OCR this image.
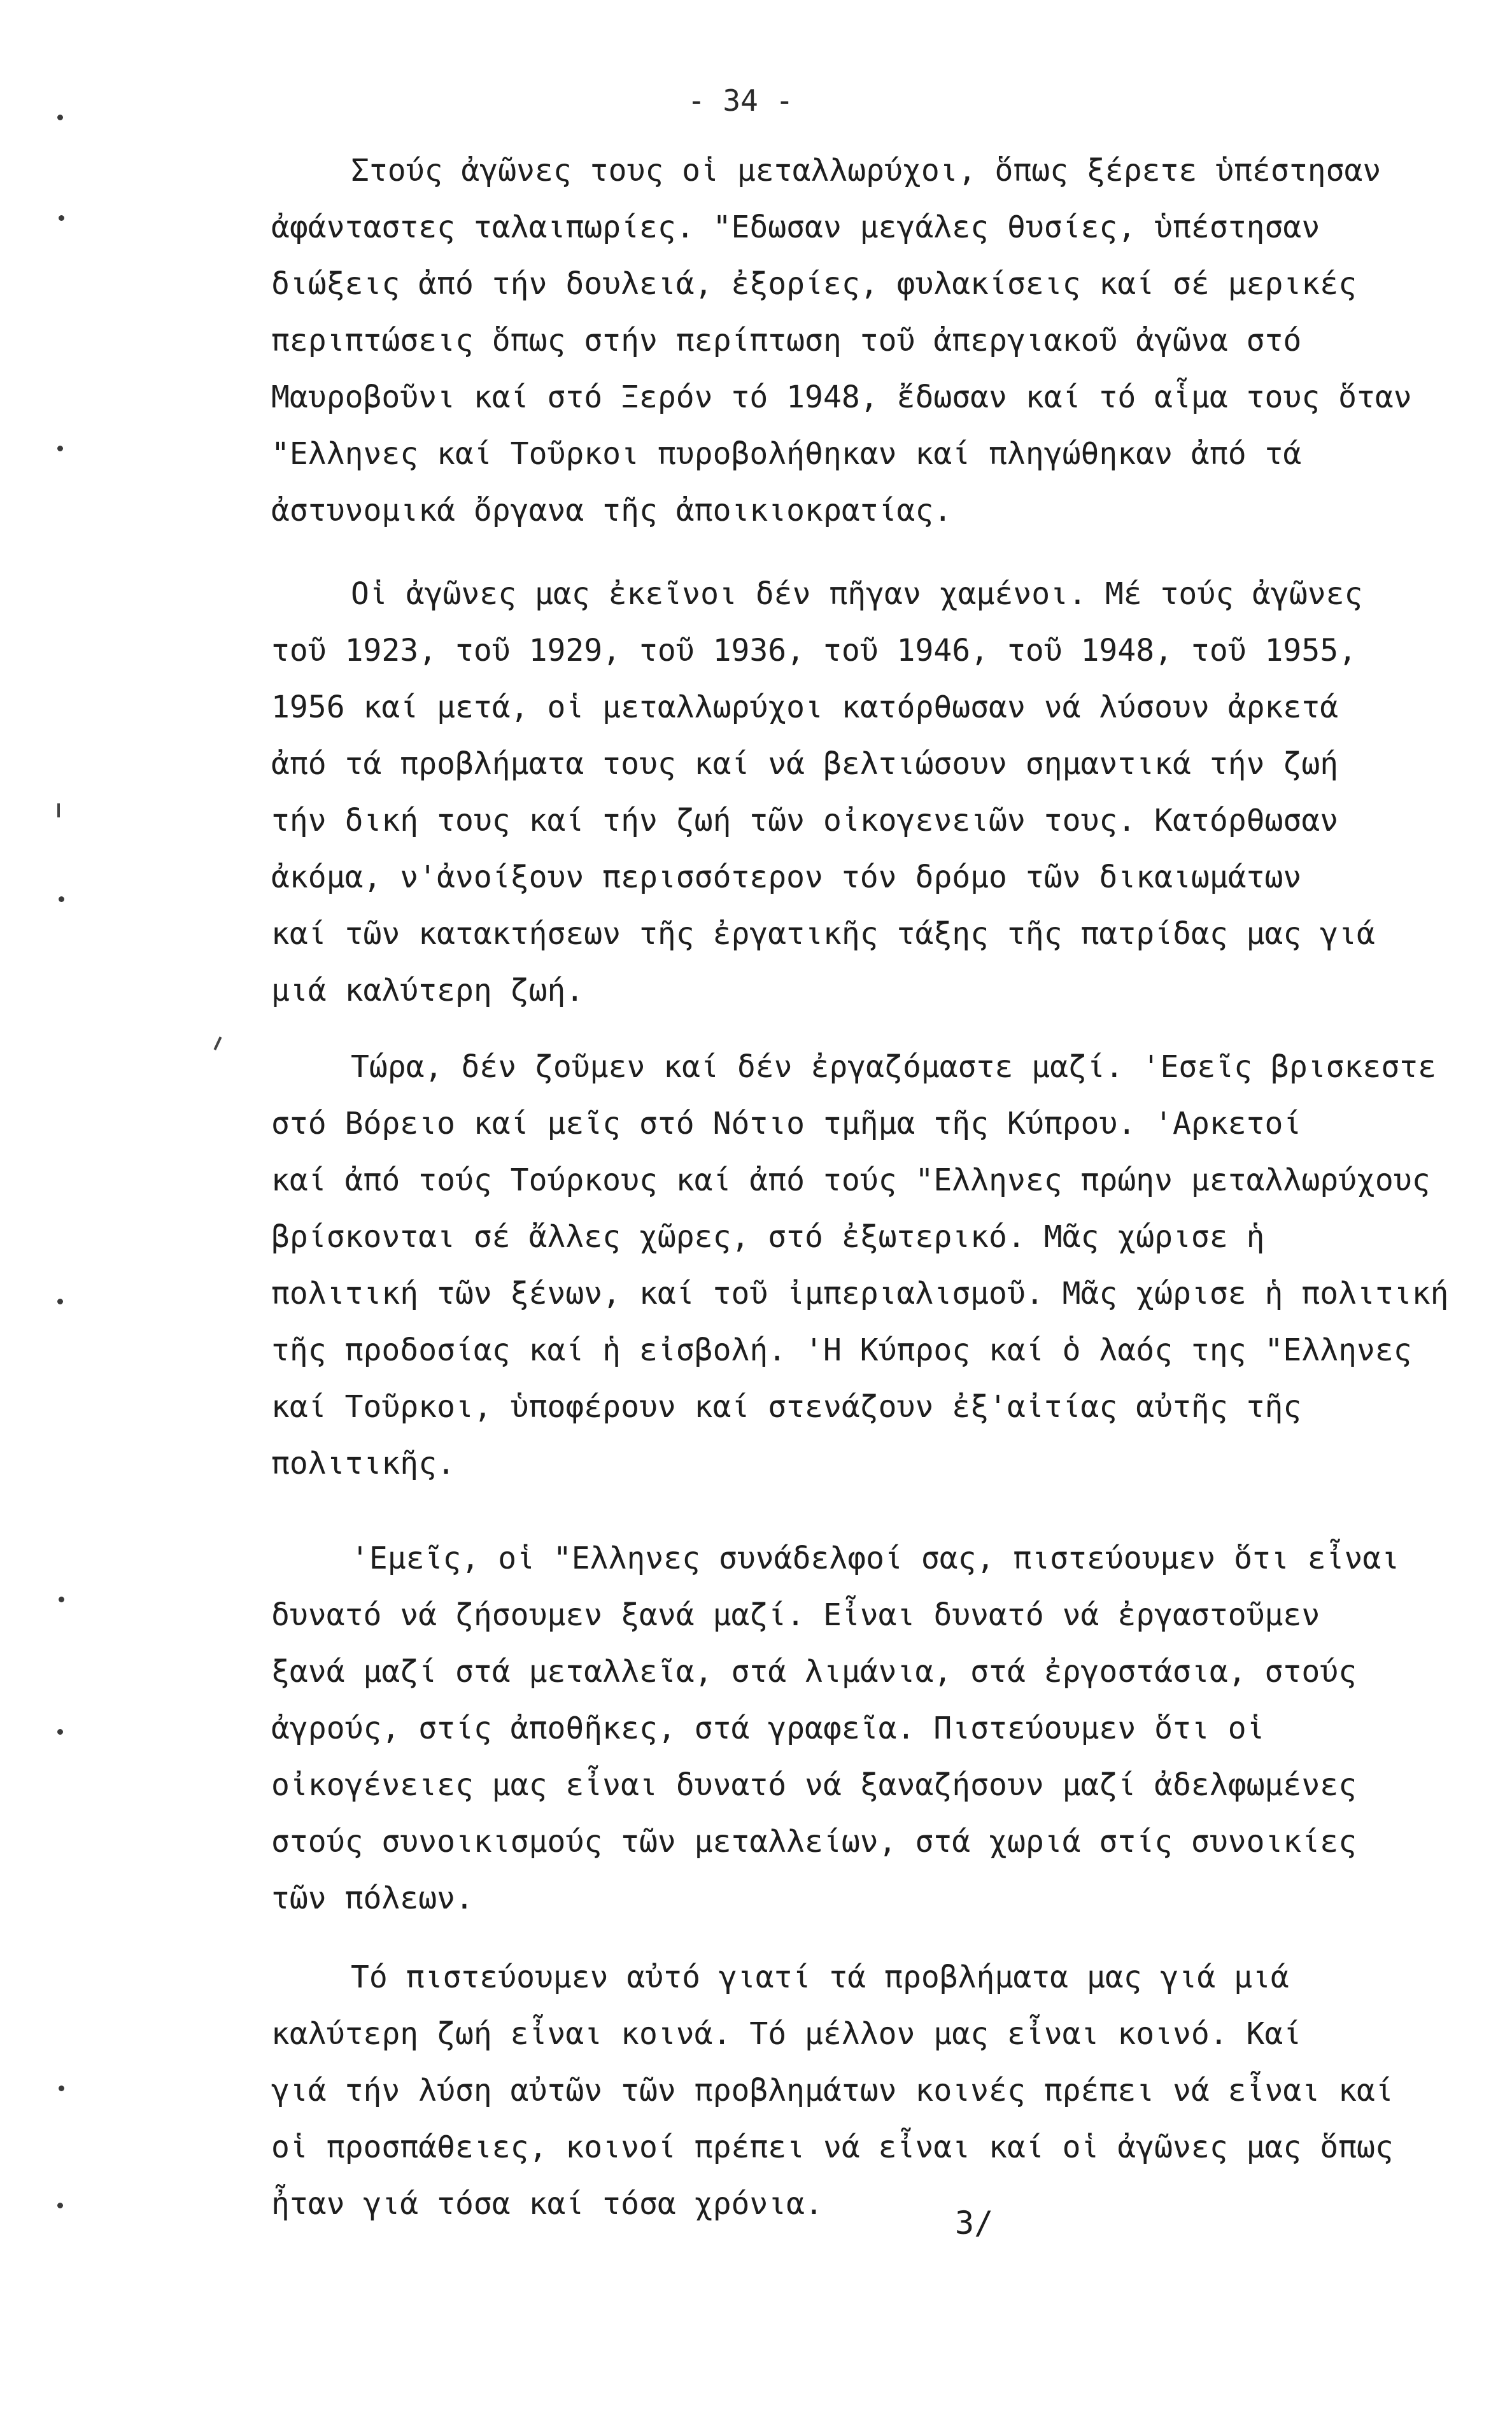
- 34 -
Στούς ἀγῶνες τους οἱ μεταλλωρύχοι, ὅπως ξέρετε ὑπέστησαν
ἀφάνταστες ταλαιπωρίες. "Εδωσαν μεγάλες θυσίες, ὑπέστησαν
διώξεις ἀπό τήν δουλειά, ἐξορίες, φυλακίσεις καί σέ μερικές
περιπτώσεις ὅπως στήν περίπτωση τοῦ ἀπεργιακοῦ ἀγῶνα στό
Μαυροβοῦνι καί στό Ξερόν τό 1948, ἔδωσαν καί τό αἷμα τους ὅταν
"Ελληνες καί Τοῦρκοι πυροβολήθηκαν καί πληγώθηκαν ἀπό τά
ἀστυνομικά ὄργανα τῆς ἀποικιοκρατίας.
Οἱ ἀγῶνες μας ἐκεῖνοι δέν πῆγαν χαμένοι. Μέ τούς ἀγῶνες
τοῦ 1923, τοῦ 1929, τοῦ 1936, τοῦ 1946, τοῦ 1948, τοῦ 1955,
1956 καί μετά, οἱ μεταλλωρύχοι κατόρθωσαν νά λύσουν ἀρκετά
ἀπό τά προβλήματα τους καί νά βελτιώσουν σημαντικά τήν ζωή
τήν δική τους καί τήν ζωή τῶν οἰκογενειῶν τους. Κατόρθωσαν
ἀκόμα, ν'ἀνοίξουν περισσότερον τόν δρόμο τῶν δικαιωμάτων
καί τῶν κατακτήσεων τῆς ἐργατικῆς τάξης τῆς πατρίδας μας γιά
μιά καλύτερη ζωή.
Τώρα, δέν ζοῦμεν καί δέν ἐργαζόμαστε μαζί. 'Εσεῖς βρισκεστε
στό Βόρειο καί μεῖς στό Νότιο τμῆμα τῆς Κύπρου. 'Αρκετοί
καί ἀπό τούς Τούρκους καί ἀπό τούς "Ελληνες πρώην μεταλλωρύχους
βρίσκονται σέ ἄλλες χῶρες, στό ἐξωτερικό. Μᾶς χώρισε ἡ
πολιτική τῶν ξένων, καί τοῦ ἰμπεριαλισμοῦ. Μᾶς χώρισε ἡ πολιτική
τῆς προδοσίας καί ἡ εἰσβολή. 'Η Κύπρος καί ὁ λαός της "Ελληνες
καί Τοῦρκοι, ὑποφέρουν καί στενάζουν ἐξ'αἰτίας αὐτῆς τῆς
πολιτικῆς.
'Εμεῖς, οἱ "Ελληνες συνάδελφοί σας, πιστεύουμεν ὅτι εἶναι
δυνατό νά ζήσουμεν ξανά μαζί. Εἶναι δυνατό νά ἐργαστοῦμεν
ξανά μαζί στά μεταλλεῖα, στά λιμάνια, στά ἐργοστάσια, στούς
ἀγρούς, στίς ἀποθῆκες, στά γραφεῖα. Πιστεύουμεν ὅτι οἱ
οἰκογένειες μας εἶναι δυνατό νά ξαναζήσουν μαζί ἀδελφωμένες
στούς συνοικισμούς τῶν μεταλλείων, στά χωριά στίς συνοικίες
τῶν πόλεων.
Τό πιστεύουμεν αὐτό γιατί τά προβλήματα μας γιά μιά
καλύτερη ζωή εἶναι κοινά. Τό μέλλον μας εἶναι κοινό. Καί
γιά τήν λύση αὐτῶν τῶν προβλημάτων κοινές πρέπει νά εἶναι καί
οἱ προσπάθειες, κοινοί πρέπει νά εἶναι καί οἱ ἀγῶνες μας ὅπως
ἦταν γιά τόσα καί τόσα χρόνια.
3/
